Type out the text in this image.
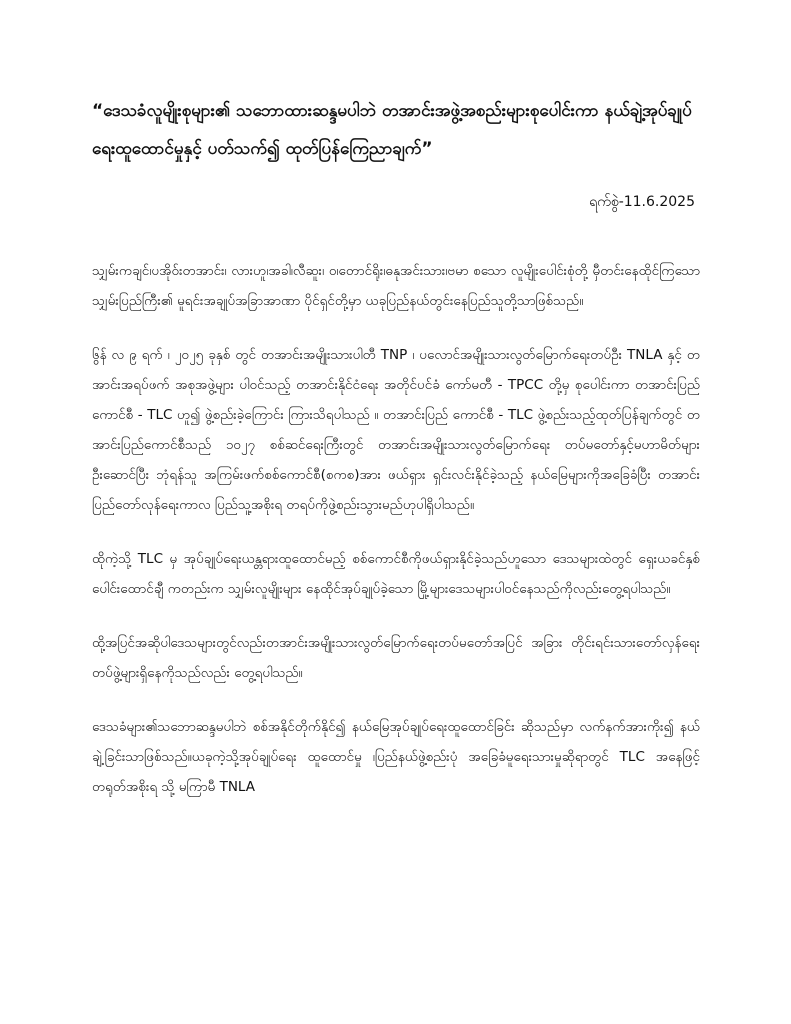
“ဒေသခံလူမျိုးစုများ၏ သဘောထားဆန္ဒမပါဘဲ တအာင်းအဖွဲ့အစည်းများစုပေါင်းကာ နယ်ချဲ့အုပ်ချုပ်ရေးထူထောင်မှုနှင့် ပတ်သက်၍ ထုတ်ပြန်ကြေညာချက်”
ရက်စွဲ-11.6.2025

သျှမ်းကချင်၊ပအိုဝ်းတအာင်း၊ လားဟူ၊အခါ၊လီဆူး၊ ဝ၊တောင်ရိုး၊ဓနုအင်းသား၊ဗမာ စသော လူမျိုးပေါင်းစုံတို့ မှီတင်းနေထိုင်ကြသော သျှမ်းပြည်ကြီး၏ မူရင်းအချုပ်အခြာအာဏာ ပိုင်ရှင်တို့မှာ ယခုပြည်နယ်တွင်းနေပြည်သူတို့သာဖြစ်သည်။

၆ွန် လ ၉ ရက် ၊ ၂၀၂၅ ခုနှစ် တွင် တအာင်းအမျိုးသားပါတီ TNP ၊ ပလောင်အမျိုးသားလွတ်မြောက်ရေးတပ်ဦး TNLA နှင့် တအာင်းအရပ်ဖက် အစုအဖွဲ့များ ပါဝင်သည့် တအာင်းနိုင်ငံရေး အတိုင်ပင်ခံ ကော်မတီ - TPCC တို့မှ စုပေါင်းကာ တအာင်းပြည်ကောင်စီ - TLC ဟူ၍ ဖွဲ့စည်းခဲ့ကြောင်း ကြားသိရပါသည် ။ တအာင်းပြည် ကောင်စီ - TLC ဖွဲ့စည်းသည့်ထုတ်ပြန်ချက်တွင် တအာင်းပြည်ကောင်စီသည် ၁၀၂၇ စစ်ဆင်ရေးကြီးတွင် တအာင်းအမျိုးသားလွတ်မြောက်ရေး တပ်မတော်နှင့်မဟာမိတ်များ ဦးဆောင်ပြီး ဘုံရန်သူ အကြမ်းဖက်စစ်ကောင်စီ(စကစ)အား ဖယ်ရှား ရှင်းလင်းနိုင်ခဲ့သည့် နယ်မြေများကိုအခြေခံပြီး တအာင်းပြည်တော်လုန်ရေးကာလ ပြည်သူ့အစိုးရ တရပ်ကိုဖွဲ့စည်းသွားမည်ဟုပါရှိပါသည်။

ထိုကဲ့သို့ TLC မှ အုပ်ချုပ်ရေးယန္တရားထူထောင်မည့် စစ်ကောင်စီကိုဖယ်ရှားနိုင်ခဲ့သည်ဟူသော ဒေသများထဲတွင် ရှေးယခင်နှစ်ပေါင်းထောင်ချီ ကတည်းက သျှမ်းလူမျိုးများ နေထိုင်အုပ်ချုပ်ခဲ့သော မြို့များဒေသများပါဝင်နေသည်ကိုလည်းတွေ့ရပါသည်။

ထို့အပြင်အဆိုပါဒေသများတွင်လည်းတအာင်းအမျိုးသားလွတ်မြောက်ရေးတပ်မတော်အပြင် အခြား တိုင်းရင်းသားတော်လှန်ရေးတပ်ဖွဲ့များရှိနေကိုသည်လည်း တွေ့ရပါသည်။

ဒေသခံများ၏သဘောဆန္ဒမပါဘဲ စစ်အနိုင်တိုက်နိုင်၍ နယ်မြေအုပ်ချုပ်ရေးထူထောင်ခြင်း ဆိုသည်မှာ လက်နက်အားကိုး၍ နယ်ချဲ့ခြင်းသာဖြစ်သည်။ယခုကဲ့သို့အုပ်ချုပ်ရေး ထူထောင်မှု ၊ပြည်နယ်ဖွဲ့စည်းပုံ အခြေခံမူရေးသားမှုဆိုရာတွင် TLC အနေဖြင့် တရုတ်အစိုးရ သို့ မကြာမီ TNLA
